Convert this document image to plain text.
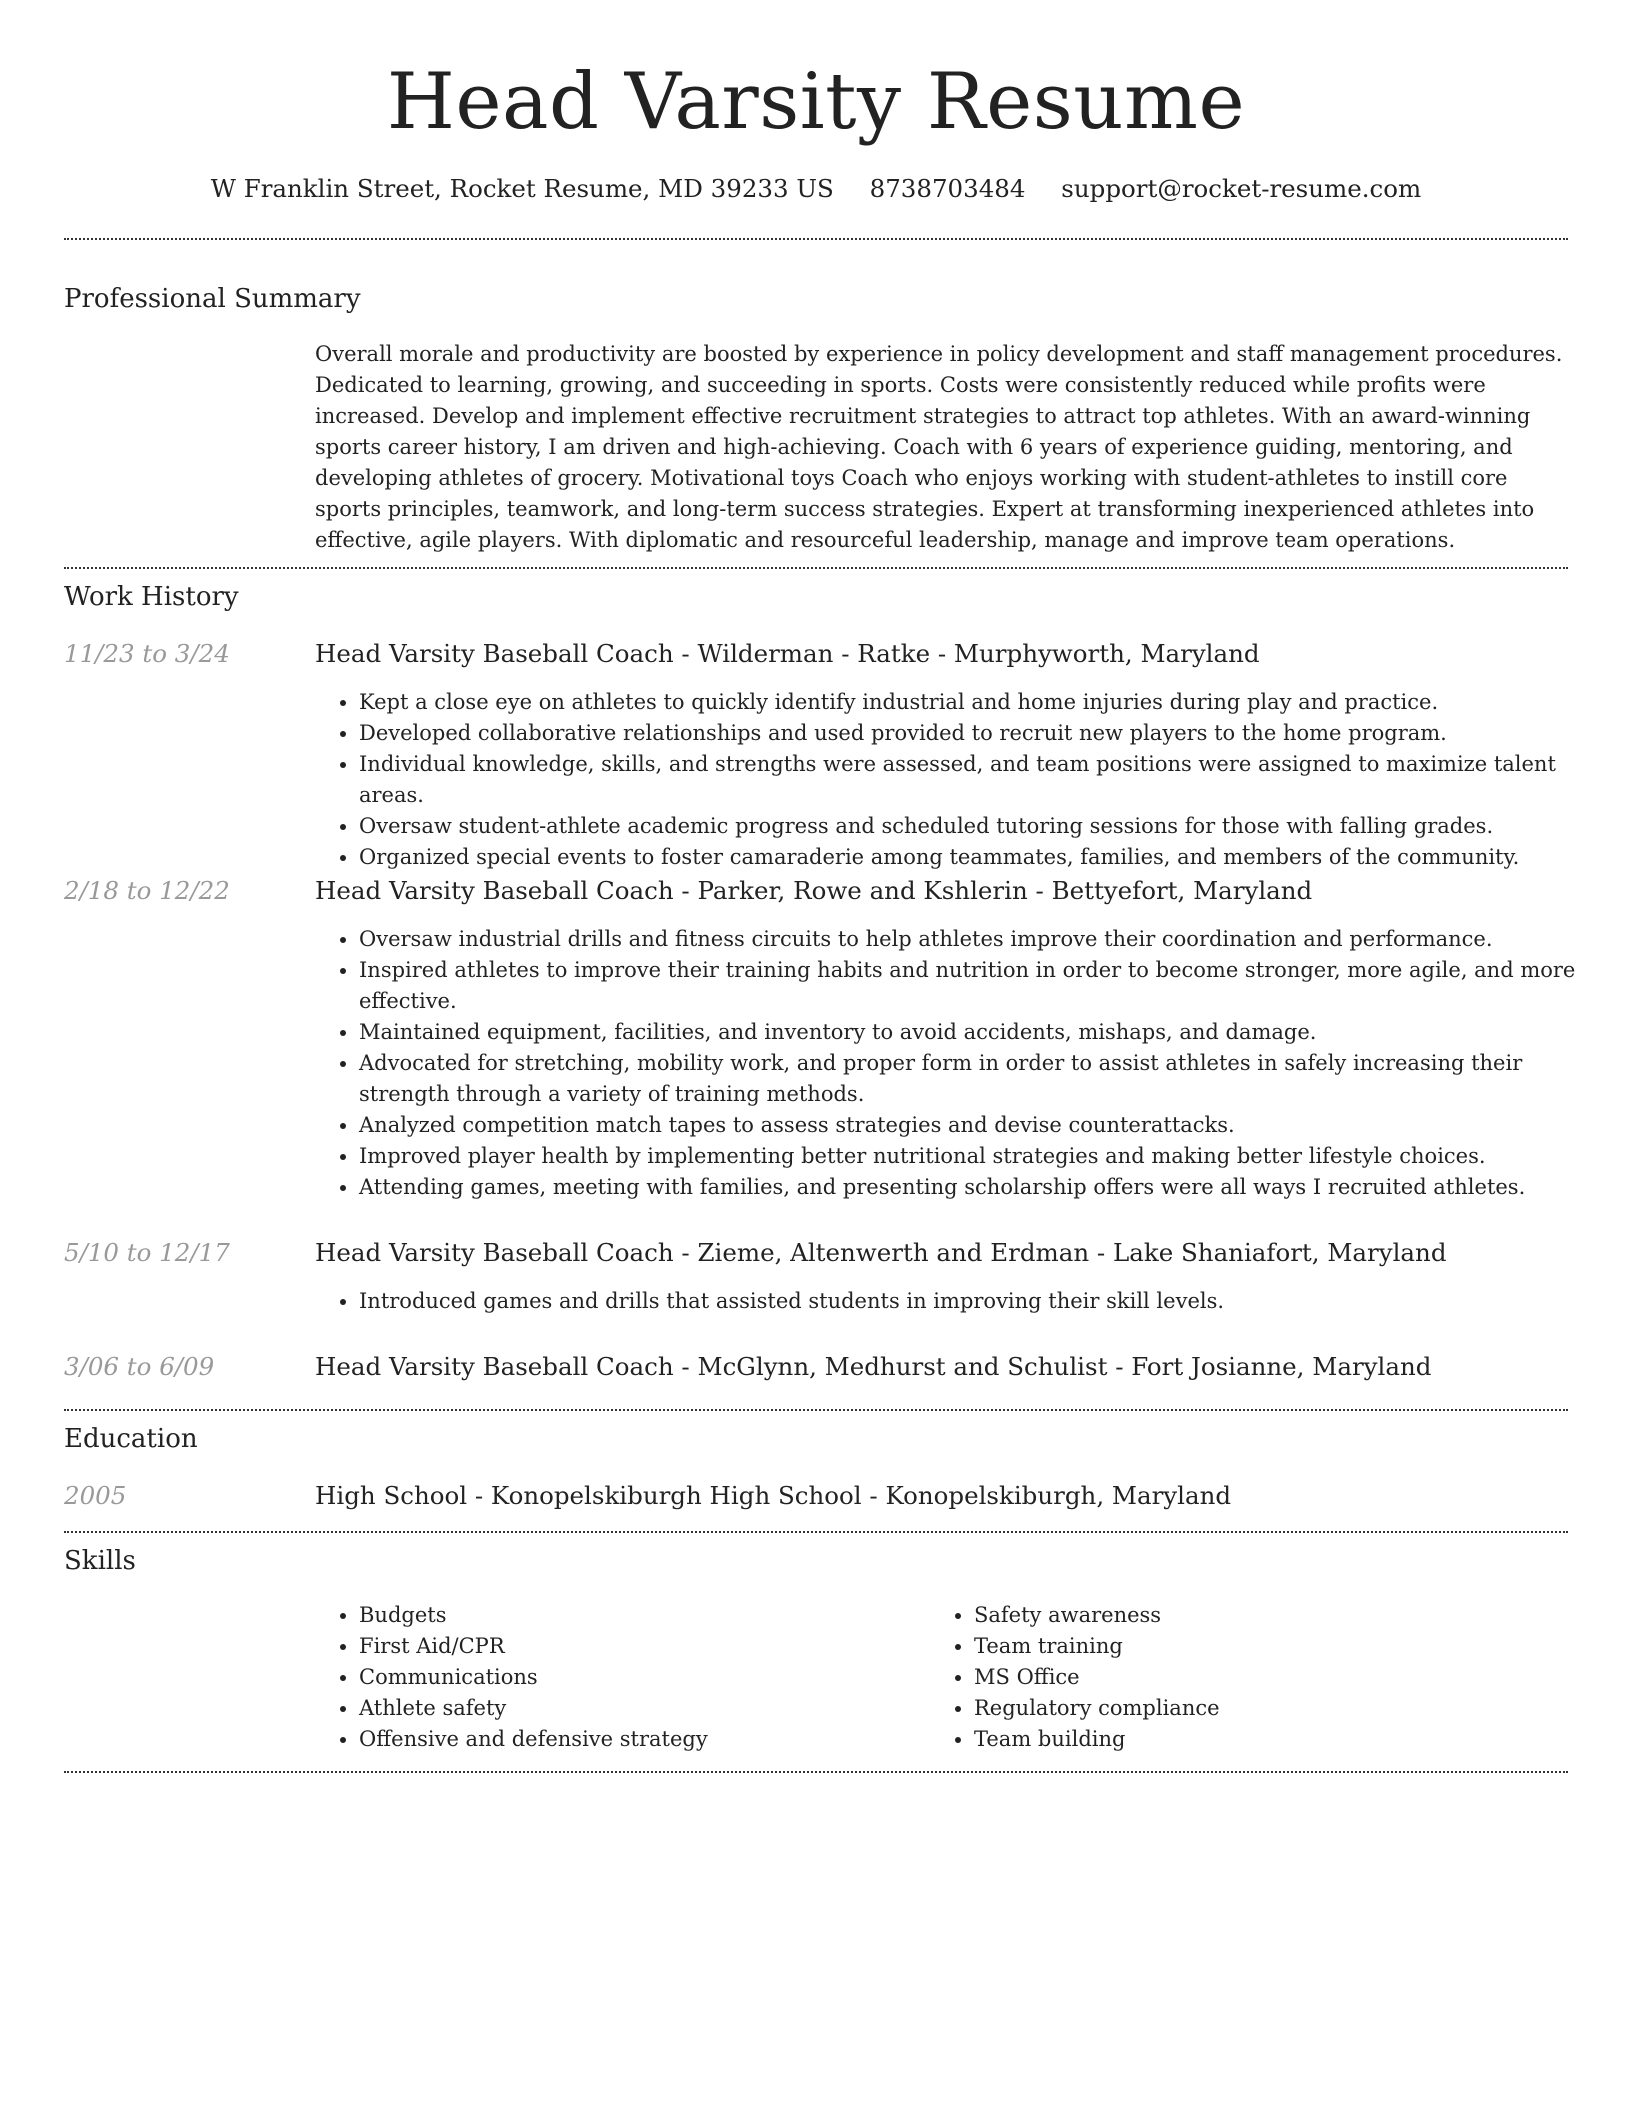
Head Varsity Resume
W Franklin Street, Rocket Resume, MD 39233 US 8738703484 support@rocket-resume.com
Professional Summary

Overall morale and productivity are boosted by experience in policy development and staff management procedures. Dedicated to learning, growing, and succeeding in sports. Costs were consistently reduced while profits were increased. Develop and implement effective recruitment strategies to attract top athletes. With an award-winning sports career history, I am driven and high-achieving. Coach with 6 years of experience guiding, mentoring, and developing athletes of grocery. Motivational toys Coach who enjoys working with student-athletes to instill core sports principles, teamwork, and long-term success strategies. Expert at transforming inexperienced athletes into effective, agile players. With diplomatic and resourceful leadership, manage and improve team operations.

Work History
11/23 to 3/24	Head Varsity Baseball Coach - Wilderman - Ratke - Murphyworth, Maryland
• Kept a close eye on athletes to quickly identify industrial and home injuries during play and practice.
• Developed collaborative relationships and used provided to recruit new players to the home program.
• Individual knowledge, skills, and strengths were assessed, and team positions were assigned to maximize talent areas.
• Oversaw student-athlete academic progress and scheduled tutoring sessions for those with falling grades.
• Organized special events to foster camaraderie among teammates, families, and members of the community.
2/18 to 12/22	Head Varsity Baseball Coach - Parker, Rowe and Kshlerin - Bettyefort, Maryland
• Oversaw industrial drills and fitness circuits to help athletes improve their coordination and performance.
• Inspired athletes to improve their training habits and nutrition in order to become stronger, more agile, and more effective.
• Maintained equipment, facilities, and inventory to avoid accidents, mishaps, and damage.
• Advocated for stretching, mobility work, and proper form in order to assist athletes in safely increasing their strength through a variety of training methods.
• Analyzed competition match tapes to assess strategies and devise counterattacks.
• Improved player health by implementing better nutritional strategies and making better lifestyle choices.
• Attending games, meeting with families, and presenting scholarship offers were all ways I recruited athletes.
5/10 to 12/17	Head Varsity Baseball Coach - Zieme, Altenwerth and Erdman - Lake Shaniafort, Maryland
• Introduced games and drills that assisted students in improving their skill levels.
3/06 to 6/09	Head Varsity Baseball Coach - McGlynn, Medhurst and Schulist - Fort Josianne, Maryland
Education
2005	High School - Konopelskiburgh High School - Konopelskiburgh, Maryland
Skills
• Budgets
• First Aid/CPR
• Communications
• Athlete safety
• Offensive and defensive strategy
• Safety awareness
• Team training
• MS Office
• Regulatory compliance
• Team building
